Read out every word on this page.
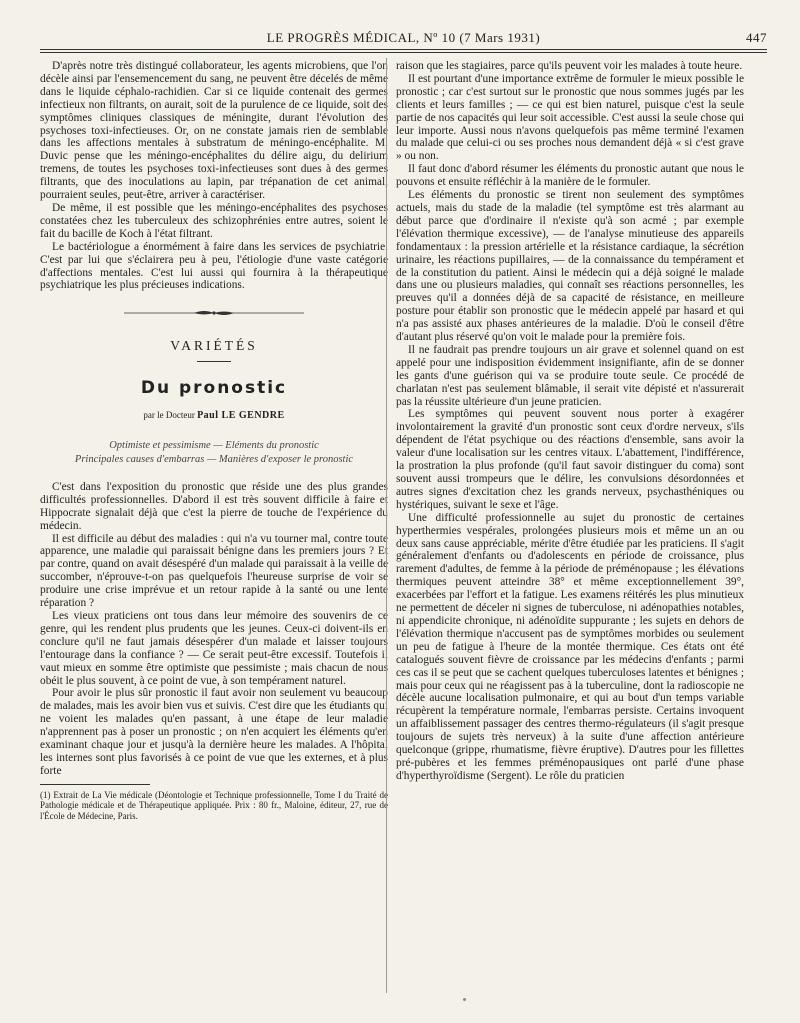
LE PROGRÈS MÉDICAL, Nº 10 (7 Mars 1931)	447

D'après notre très distingué collaborateur, les agents microbiens, que l'on décèle ainsi par l'ensemencement du sang, ne peuvent être décelés de même dans le liquide céphalo-rachidien. Car si ce liquide contenait des germes infectieux non filtrants, on aurait, soit de la purulence de ce liquide, soit des symptômes cliniques classiques de méningite, durant l'évolution des psychoses toxi-infectieuses. Or, on ne constate jamais rien de semblable dans les affections mentales à substratum de méningo-encéphalite. M. Duvic pense que les méningo-encéphalites du délire aigu, du delirium tremens, de toutes les psychoses toxi-infectieuses sont dues à des germes filtrants, que des inoculations au lapin, par trépanation de cet animal, pourraient seules, peut-être, arriver à caractériser.

De même, il est possible que les méningo-encéphalites des psychoses constatées chez les tuberculeux des schizophrénies entre autres, soient le fait du bacille de Koch à l'état filtrant.

Le bactériologue a énormément à faire dans les services de psychiatrie. C'est par lui que s'éclairera peu à peu, l'étiologie d'une vaste catégorie d'affections mentales. C'est lui aussi qui fournira à la thérapeutique psychiatrique les plus précieuses indications.

VARIÉTÉS
Du pronostic
par le Docteur Paul LE GENDRE
Optimiste et pessimisme — Eléments du pronostic
Principales causes d'embarras — Manières d'exposer le pronostic

C'est dans l'exposition du pronostic que réside une des plus grandes difficultés professionnelles. D'abord il est très souvent difficile à faire et Hippocrate signalait déjà que c'est la pierre de touche de l'expérience du médecin.

Il est difficile au début des maladies : qui n'a vu tourner mal, contre toute apparence, une maladie qui paraissait bénigne dans les premiers jours ? Et par contre, quand on avait désespéré d'un malade qui paraissait à la veille de succomber, n'éprouve-t-on pas quelquefois l'heureuse surprise de voir se produire une crise imprévue et un retour rapide à la santé ou une lente réparation ?

Les vieux praticiens ont tous dans leur mémoire des souvenirs de ce genre, qui les rendent plus prudents que les jeunes. Ceux-ci doivent-ils en conclure qu'il ne faut jamais désespérer d'un malade et laisser toujours l'entourage dans la confiance ? — Ce serait peut-être excessif. Toutefois il vaut mieux en somme être optimiste que pessimiste ; mais chacun de nous obéit le plus souvent, à ce point de vue, à son tempérament naturel.

Pour avoir le plus sûr pronostic il faut avoir non seulement vu beaucoup de malades, mais les avoir bien vus et suivis. C'est dire que les étudiants qui ne voient les malades qu'en passant, à une étape de leur maladie n'apprennent pas à poser un pronostic ; on n'en acquiert les éléments qu'en examinant chaque jour et jusqu'à la dernière heure les malades. A l'hôpital les internes sont plus favorisés à ce point de vue que les externes, et à plus forte

(1) Extrait de La Vie médicale (Déontologie et Technique professionnelle, Tome I du Traité de Pathologie médicale et de Thérapeutique appliquée. Prix : 80 fr., Maloine, éditeur, 27, rue de l'École de Médecine, Paris.

raison que les stagiaires, parce qu'ils peuvent voir les malades à toute heure.

Il est pourtant d'une importance extrême de formuler le mieux possible le pronostic ; car c'est surtout sur le pronostic que nous sommes jugés par les clients et leurs familles ; — ce qui est bien naturel, puisque c'est la seule partie de nos capacités qui leur soit accessible. C'est aussi la seule chose qui leur importe. Aussi nous n'avons quelquefois pas même terminé l'examen du malade que celui-ci ou ses proches nous demandent déjà « si c'est grave » ou non.

Il faut donc d'abord résumer les éléments du pronostic autant que nous le pouvons et ensuite réfléchir à la manière de le formuler.

Les éléments du pronostic se tirent non seulement des symptômes actuels, mais du stade de la maladie (tel symptôme est très alarmant au début parce que d'ordinaire il n'existe qu'à son acmé ; par exemple l'élévation thermique excessive), — de l'analyse minutieuse des appareils fondamentaux : la pression artérielle et la résistance cardiaque, la sécrétion urinaire, les réactions pupillaires, — de la connaissance du tempérament et de la constitution du patient. Ainsi le médecin qui a déjà soigné le malade dans une ou plusieurs maladies, qui connaît ses réactions personnelles, les preuves qu'il a données déjà de sa capacité de résistance, en meilleure posture pour établir son pronostic que le médecin appelé par hasard et qui n'a pas assisté aux phases antérieures de la maladie. D'où le conseil d'être d'autant plus réservé qu'on voit le malade pour la première fois.

Il ne faudrait pas prendre toujours un air grave et solennel quand on est appelé pour une indisposition évidemment insignifiante, afin de se donner les gants d'une guérison qui va se produire toute seule. Ce procédé de charlatan n'est pas seulement blâmable, il serait vite dépisté et n'assurerait pas la réussite ultérieure d'un jeune praticien.

Les symptômes qui peuvent souvent nous porter à exagérer involontairement la gravité d'un pronostic sont ceux d'ordre nerveux, s'ils dépendent de l'état psychique ou des réactions d'ensemble, sans avoir la valeur d'une localisation sur les centres vitaux. L'abattement, l'indifférence, la prostration la plus profonde (qu'il faut savoir distinguer du coma) sont souvent aussi trompeurs que le délire, les convulsions désordonnées et autres signes d'excitation chez les grands nerveux, psychasthéniques ou hystériques, suivant le sexe et l'âge.

Une difficulté professionnelle au sujet du pronostic de certaines hyperthermies vespérales, prolongées plusieurs mois et même un an ou deux sans cause appréciable, mérite d'être étudiée par les praticiens. Il s'agit généralement d'enfants ou d'adolescents en période de croissance, plus rarement d'adultes, de femme à la période de préménopause ; les élévations thermiques peuvent atteindre 38° et même exceptionnellement 39°, exacerbées par l'effort et la fatigue. Les examens réitérés les plus minutieux ne permettent de déceler ni signes de tuberculose, ni adénopathies notables, ni appendicite chronique, ni adénoïdite suppurante ; les sujets en dehors de l'élévation thermique n'accusent pas de symptômes morbides ou seulement un peu de fatigue à l'heure de la montée thermique. Ces états ont été catalogués souvent fièvre de croissance par les médecins d'enfants ; parmi ces cas il se peut que se cachent quelques tuberculoses latentes et bénignes ; mais pour ceux qui ne réagissent pas à la tuberculine, dont la radioscopie ne décèle aucune localisation pulmonaire, et qui au bout d'un temps variable récupèrent la température normale, l'embarras persiste. Certains invoquent un affaiblissement passager des centres thermo-régulateurs (il s'agit presque toujours de sujets très nerveux) à la suite d'une affection antérieure quelconque (grippe, rhumatisme, fièvre éruptive). D'autres pour les fillettes pré-pubères et les femmes préménopausiques ont parlé d'une phase d'hyperthyroïdisme (Sergent). Le rôle du praticien
